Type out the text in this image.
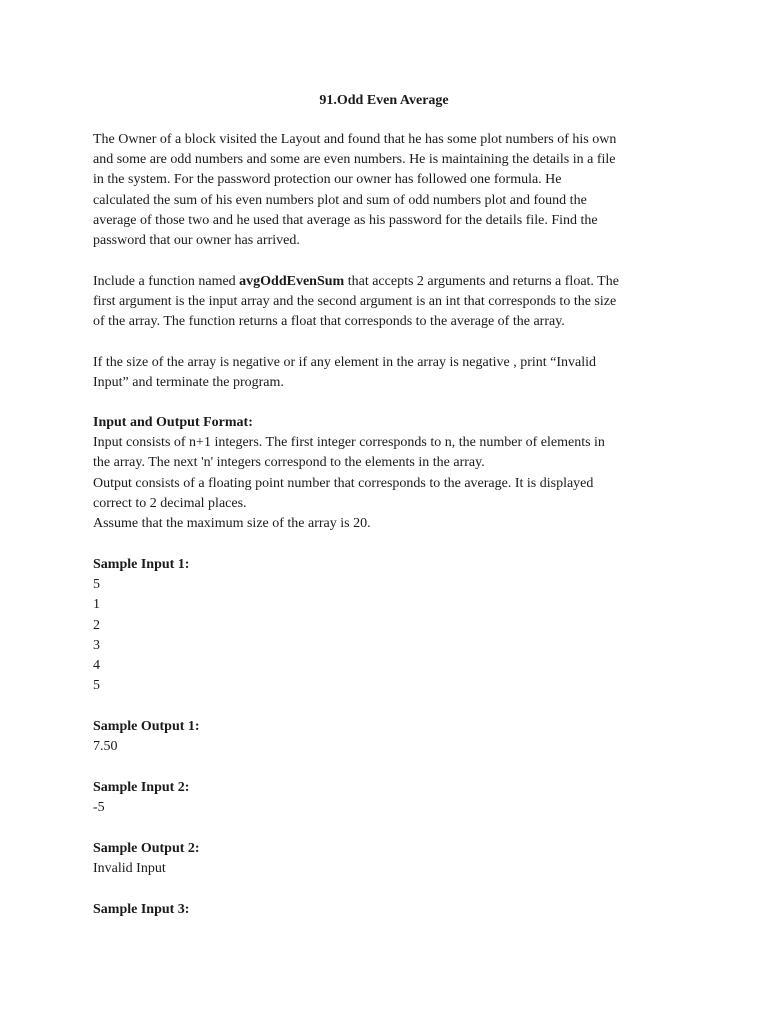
91.Odd Even Average
The Owner of a block visited the Layout and found that he has some plot numbers of his own
and some are odd numbers and some are even numbers. He is maintaining the details in a file
in the system. For the password protection our owner has followed one formula. He
calculated the sum of his even numbers plot and sum of odd numbers plot and found the
average of those two and he used that average as his password for the details file. Find the
password that our owner has arrived.
Include a function named avgOddEvenSum that accepts 2 arguments and returns a float. The
first argument is the input array and the second argument is an int that corresponds to the size
of the array. The function returns a float that corresponds to the average of the array.
If the size of the array is negative or if any element in the array is negative , print “Invalid
Input” and terminate the program.
Input and Output Format:
Input consists of n+1 integers. The first integer corresponds to n, the number of elements in
the array. The next 'n' integers correspond to the elements in the array.
Output consists of a floating point number that corresponds to the average. It is displayed
correct to 2 decimal places.
Assume that the maximum size of the array is 20.
Sample Input 1:
5
1
2
3
4
5
Sample Output 1:
7.50
Sample Input 2:
-5
Sample Output 2:
Invalid Input
Sample Input 3:
